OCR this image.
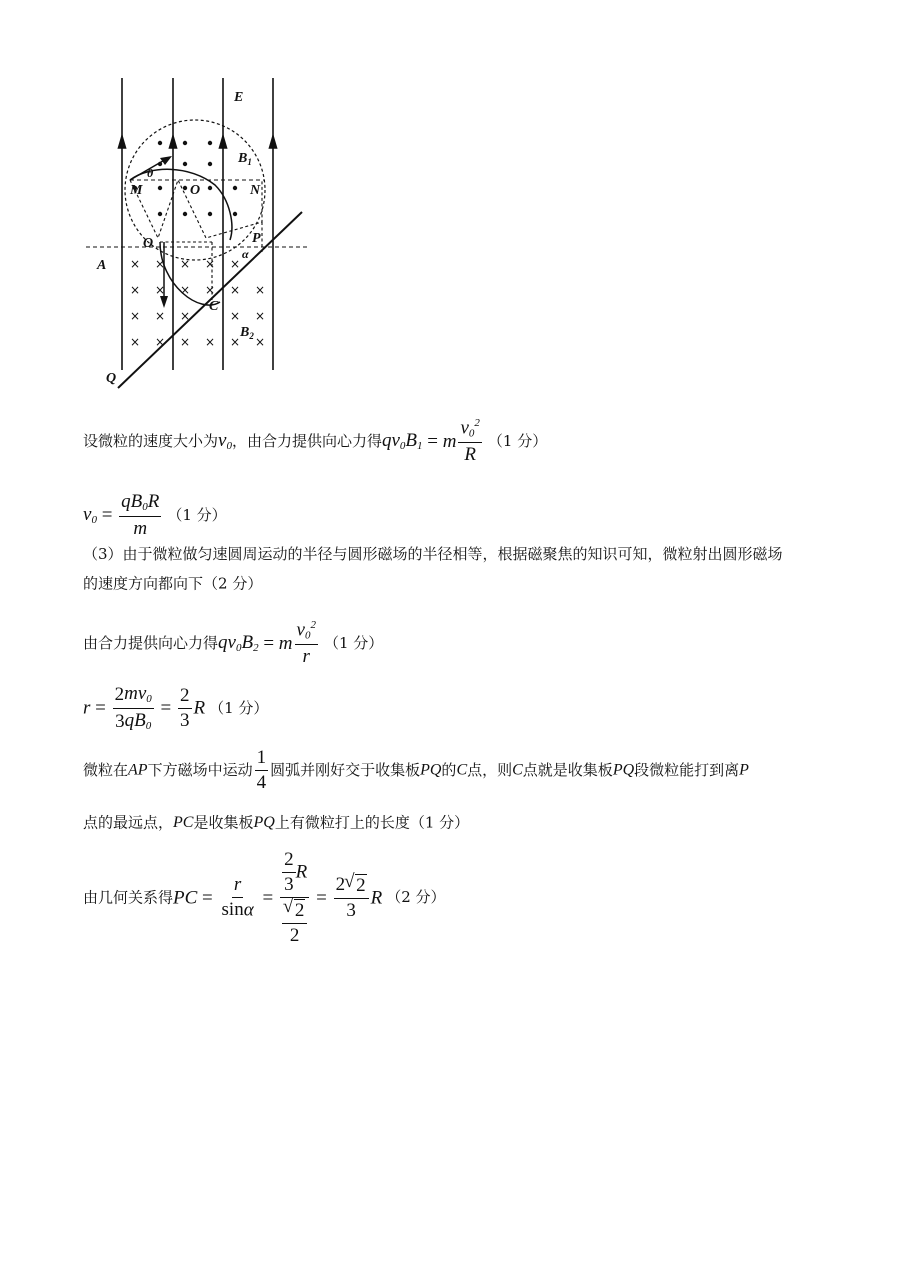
× × × × ×
× × × × × ×
× × ×	× ×
× × × × × ×
E
$B_1$
$B_2$
M	N
O
O	P
Q
A
C
θ
α
设微粒的速度大小为$v_0$，由合力提供向心力得$qv_0B_1 = m \frac{v_0^2}{R} (1$ 分）
$v_0 = \frac{qB_0R}{m} (1$ 分）
（3）由于微粒做匀速圆周运动的半径与圆形磁场的半径相等，根据磁聚焦的知识可知，微粒射出圆形磁场
的速度方向都向下（2 分）
由合力提供向心力得$qv_0B_2 = m \frac{v_0^2}{r} (1$ 分）
$r = \frac{2mv_0}{3qB_0} = \frac{2}{3}$ R （1 分）
微粒在AP下方磁场中运动 $\frac{1}{4}$ 圆弧并刚好交于收集板PQ的C点，则C点就是收集板PQ段微粒能打到离P
点的最远点，PC是收集板PQ上有微粒打上的长度（1 分）
由几何关系得PC = $\frac{r}{\sin\alpha} = \frac{2}{3}$ R
√ $\frac{2}{2} = \frac{2√ 2}{3}$ R （2 分）
